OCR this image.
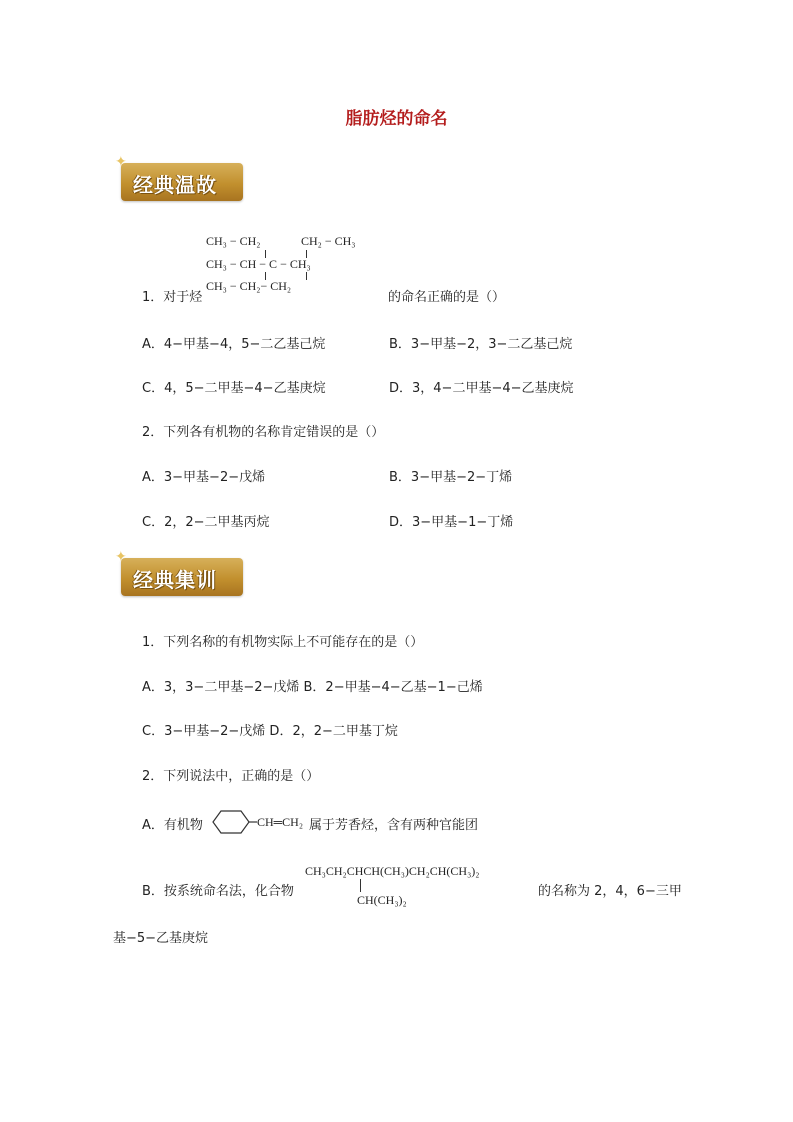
脂肪烃的命名
✦
经典温故
CH₃ − CH₂	CH₂ − CH₃
CH₃ − CH − C − CH₃
CH₃ − CH₂− CH₂
1．对于烃	的命名正确的是（）
A．4−甲基−4，5−二乙基己烷	B．3−甲基−2，3−二乙基己烷
C．4，5−二甲基−4−乙基庚烷	D．3，4−二甲基−4−乙基庚烷
2．下列各有机物的名称肯定错误的是（）
A．3−甲基−2−戊烯	B．3−甲基−2−丁烯
C．2，2−二甲基丙烷	D．3−甲基−1−丁烯
✦
经典集训
1．下列名称的有机物实际上不可能存在的是（）
A．3，3−二甲基−2−戊烯 B．2−甲基−4−乙基−1−己烯
C．3−甲基−2−戊烯 D．2，2−二甲基丁烷
2．下列说法中，正确的是（）
A．有机物	CH═CH₂ 属于芳香烃，含有两种官能团
B．按系统命名法，化合物
CH₃CH₂CHCH(CH₃)CH₂CH(CH₃)₂
CH(CH₃)₂
的名称为 2，4，6−三甲
基−5−乙基庚烷
